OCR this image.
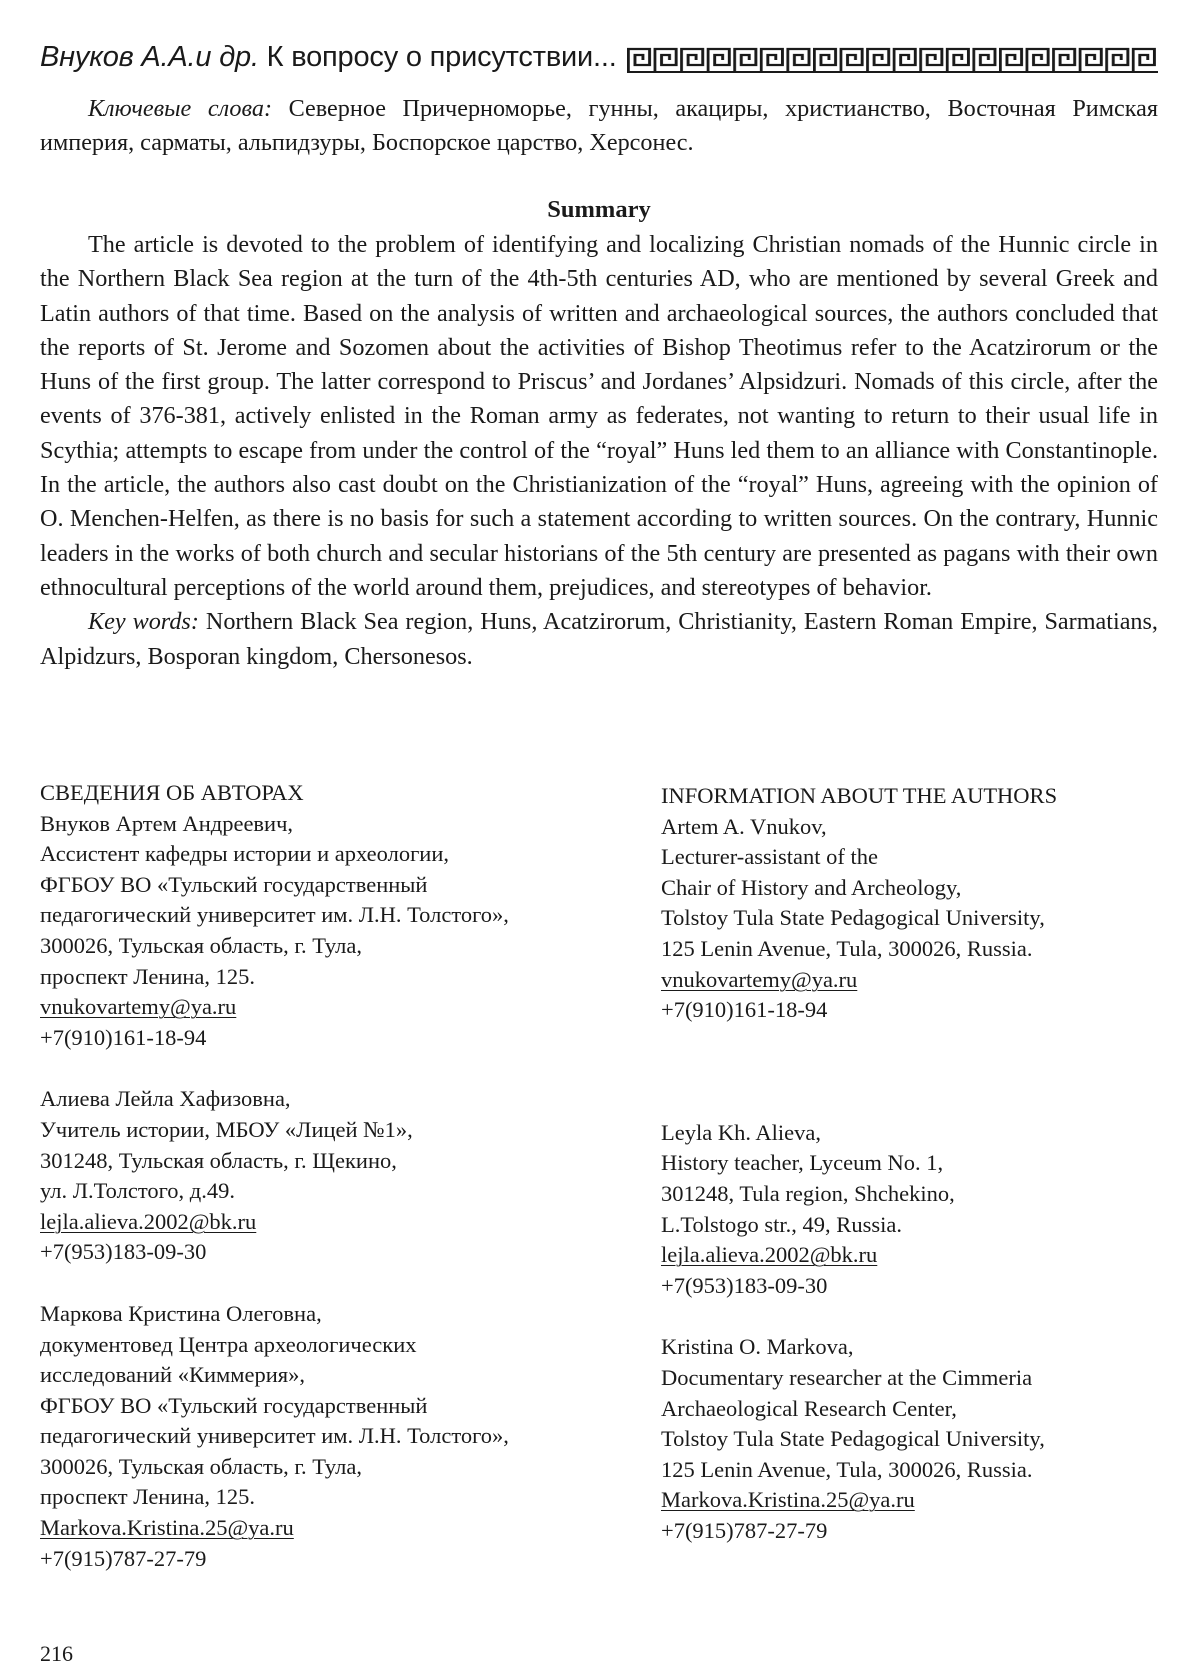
Внуков А.А.и др. К вопросу о присутствии...

Ключевые слова: Северное Причерноморье, гунны, акациры, христианство, Восточная Римская империя, сарматы, альпидзуры, Боспорское царство, Херсонес.

Summary

The article is devoted to the problem of identifying and localizing Christian nomads of the Hunnic circle in the Northern Black Sea region at the turn of the 4th-5th centuries AD, who are mentioned by several Greek and Latin authors of that time. Based on the analysis of written and archaeological sources, the authors concluded that the reports of St. Jerome and Sozomen about the activities of Bishop Theotimus refer to the Acatzirorum or the Huns of the first group. The latter correspond to Priscus’ and Jordanes’ Alpsidzuri. Nomads of this circle, after the events of 376-381, actively enlisted in the Roman army as federates, not wanting to return to their usual life in Scythia; attempts to escape from under the control of the “royal” Huns led them to an alliance with Constantinople. In the article, the authors also cast doubt on the Christianization of the “royal” Huns, agreeing with the opinion of O. Menchen-Helfen, as there is no basis for such a statement according to written sources. On the contrary, Hunnic leaders in the works of both church and secular historians of the 5th century are presented as pagans with their own ethnocultural perceptions of the world around them, prejudices, and stereotypes of behavior.

Key words: Northern Black Sea region, Huns, Acatzirorum, Christianity, Eastern Roman Empire, Sarmatians, Alpidzurs, Bosporan kingdom, Chersonesos.

СВЕДЕНИЯ ОБ АВТОРАХ
Внуков Артем Андреевич,
Ассистент кафедры истории и археологии,
ФГБОУ ВО «Тульский государственный
педагогический университет им. Л.Н. Толстого»,
300026, Тульская область, г. Тула,
проспект Ленина, 125.
vnukovartemy@ya.ru
+7(910)161-18-94
Алиева Лейла Хафизовна,
Учитель истории, МБОУ «Лицей №1»,
301248, Тульская область, г. Щекино,
ул. Л.Толстого, д.49.
lejla.alieva.2002@bk.ru
+7(953)183-09-30
Маркова Кристина Олеговна,
документовед Центра археологических
исследований «Киммерия»,
ФГБОУ ВО «Тульский государственный
педагогический университет им. Л.Н. Толстого»,
300026, Тульская область, г. Тула,
проспект Ленина, 125.
Markova.Kristina.25@ya.ru
+7(915)787-27-79
INFORMATION ABOUT THE AUTHORS
Artem A. Vnukov,
Lecturer-assistant of the
Chair of History and Archeology,
Tolstoy Tula State Pedagogical University,
125 Lenin Avenue, Tula, 300026, Russia.
vnukovartemy@ya.ru
+7(910)161-18-94
Leyla Kh. Alieva,
History teacher, Lyceum No. 1,
301248, Tula region, Shchekino,
L.Tolstogo str., 49, Russia.
lejla.alieva.2002@bk.ru
+7(953)183-09-30
Kristina O. Markova,
Documentary researcher at the Cimmeria
Archaeological Research Center,
Tolstoy Tula State Pedagogical University,
125 Lenin Avenue, Tula, 300026, Russia.
Markova.Kristina.25@ya.ru
+7(915)787-27-79
216
